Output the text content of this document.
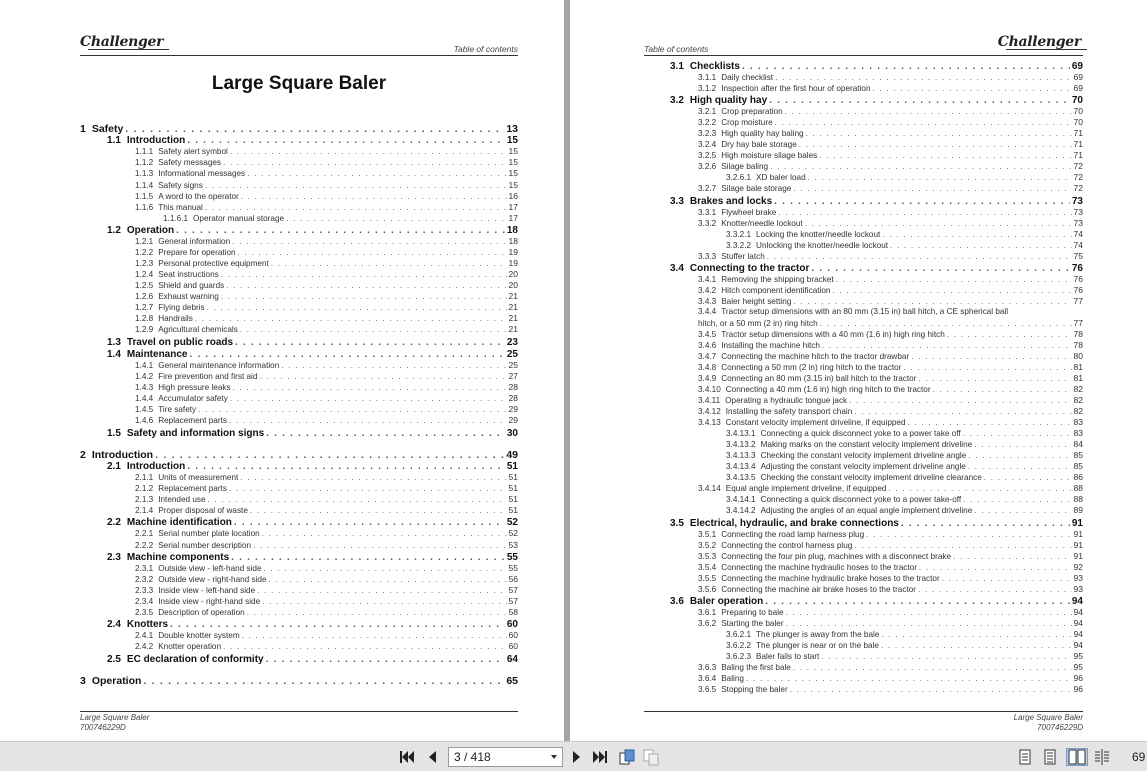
Challenger	Table of contents
Large Square Baler
1 Safety . . .	13
1.1 Introduction . . .	15
1.1.1 Safety alert symbol . . .	15
1.1.2 Safety messages . . .	15
1.1.3 Informational messages . . .	15
1.1.4 Safety signs . . .	15
1.1.5 A word to the operator . . .	16
1.1.6 This manual . . .	17
1.1.6.1 Operator manual storage . . .	17
1.2 Operation . . .	18
1.2.1 General information . . .	18
1.2.2 Prepare for operation . . .	19
1.2.3 Personal protective equipment . . .	19
1.2.4 Seat instructions . . .	20
1.2.5 Shield and guards . . .	20
1.2.6 Exhaust warning . . .	21
1.2.7 Flying debris . . .	21
1.2.8 Handrails . . .	21
1.2.9 Agricultural chemicals . . .	21
1.3 Travel on public roads . . .	23
1.4 Maintenance . . .	25
1.4.1 General maintenance information . . .	25
1.4.2 Fire prevention and first aid . . .	27
1.4.3 High pressure leaks . . .	28
1.4.4 Accumulator safety . . .	28
1.4.5 Tire safety . . .	29
1.4.6 Replacement parts . . .	29
1.5 Safety and information signs . . .	30
2 Introduction . . .	49
2.1 Introduction . . .	51
2.1.1 Units of measurement . . .	51
2.1.2 Replacement parts . . .	51
2.1.3 Intended use . . .	51
2.1.4 Proper disposal of waste . . .	51
2.2 Machine identification . . .	52
2.2.1 Serial number plate location . . .	52
2.2.2 Serial number description . . .	53
2.3 Machine components . . .	55
2.3.1 Outside view - left-hand side . . .	55
2.3.2 Outside view - right-hand side . . .	56
2.3.3 Inside view - left-hand side . . .	57
2.3.4 Inside view - right-hand side . . .	57
2.3.5 Description of operation . . .	58
2.4 Knotters . . .	60
2.4.1 Double knotter system . . .	60
2.4.2 Knotter operation . . .	60
2.5 EC declaration of conformity . . .	64
3 Operation . . .	65
Large Square Baler
700746229D
Table of contents	Challenger
3.1 Checklists . . .	69
3.1.1 Daily checklist . . .	69
3.1.2 Inspection after the first hour of operation . . .	69
3.2 High quality hay . . .	70
3.2.1 Crop preparation . . .	70
3.2.2 Crop moisture . . .	70
3.2.3 High quality hay baling . . .	71
3.2.4 Dry hay bale storage . . .	71
3.2.5 High moisture silage bales . . .	71
3.2.6 Silage baling . . .	72
3.2.6.1 XD baler load . . .	72
3.2.7 Silage bale storage . . .	72
3.3 Brakes and locks . . .	73
3.3.1 Flywheel brake . . .	73
3.3.2 Knotter/needle lockout . . .	73
3.3.2.1 Locking the knotter/needle lockout . . .	74
3.3.2.2 Unlocking the knotter/needle lockout . . .	74
3.3.3 Stuffer latch . . .	75
3.4 Connecting to the tractor . . .	76
3.4.1 Removing the shipping bracket . . .	76
3.4.2 Hitch component identification . . .	76
3.4.3 Baler height setting . . .	77
3.4.4 Tractor setup dimensions with an 80 mm (3.15 in) ball hitch, a CE spherical ball
hitch, or a 50 mm (2 in) ring hitch . . .	77
3.4.5 Tractor setup dimensions with a 40 mm (1.6 in) high ring hitch . . .	78
3.4.6 Installing the machine hitch . . .	78
3.4.7 Connecting the machine hitch to the tractor drawbar . . .	80
3.4.8 Connecting a 50 mm (2 in) ring hitch to the tractor . . .	81
3.4.9 Connecting an 80 mm (3.15 in) ball hitch to the tractor . . .	81
3.4.10 Connecting a 40 mm (1.6 in) high ring hitch to the tractor . . .	82
3.4.11 Operating a hydraulic tongue jack . . .	82
3.4.12 Installing the safety transport chain . . .	82
3.4.13 Constant velocity implement driveline, if equipped . . .	83
3.4.13.1 Connecting a quick disconnect yoke to a power take off . . .	83
3.4.13.2 Making marks on the constant velocity implement driveline . . .	84
3.4.13.3 Checking the constant velocity implement driveline angle . . .	85
3.4.13.4 Adjusting the constant velocity implement driveline angle . . .	85
3.4.13.5 Checking the constant velocity implement driveline clearance . . .	86
3.4.14 Equal angle implement driveline, if equipped . . .	88
3.4.14.1 Connecting a quick disconnect yoke to a power take-off . . .	88
3.4.14.2 Adjusting the angles of an equal angle implement driveline . . .	89
3.5 Electrical, hydraulic, and brake connections . . .	91
3.5.1 Connecting the road lamp harness plug . . .	91
3.5.2 Connecting the control harness plug . . .	91
3.5.3 Connecting the four pin plug, machines with a disconnect brake . . .	91
3.5.4 Connecting the machine hydraulic hoses to the tractor . . .	92
3.5.5 Connecting the machine hydraulic brake hoses to the tractor . . .	93
3.5.6 Connecting the machine air brake hoses to the tractor . . .	93
3.6 Baler operation . . .	94
3.6.1 Preparing to bale . . .	94
3.6.2 Starting the baler . . .	94
3.6.2.1 The plunger is away from the bale . . .	94
3.6.2.2 The plunger is near or on the bale . . .	94
3.6.2.3 Baler fails to start . . .	95
3.6.3 Baling the first bale . . .	95
3.6.4 Baling . . .	96
3.6.5 Stopping the baler . . .	96
Large Square Baler
700746229D
3 / 418	69
